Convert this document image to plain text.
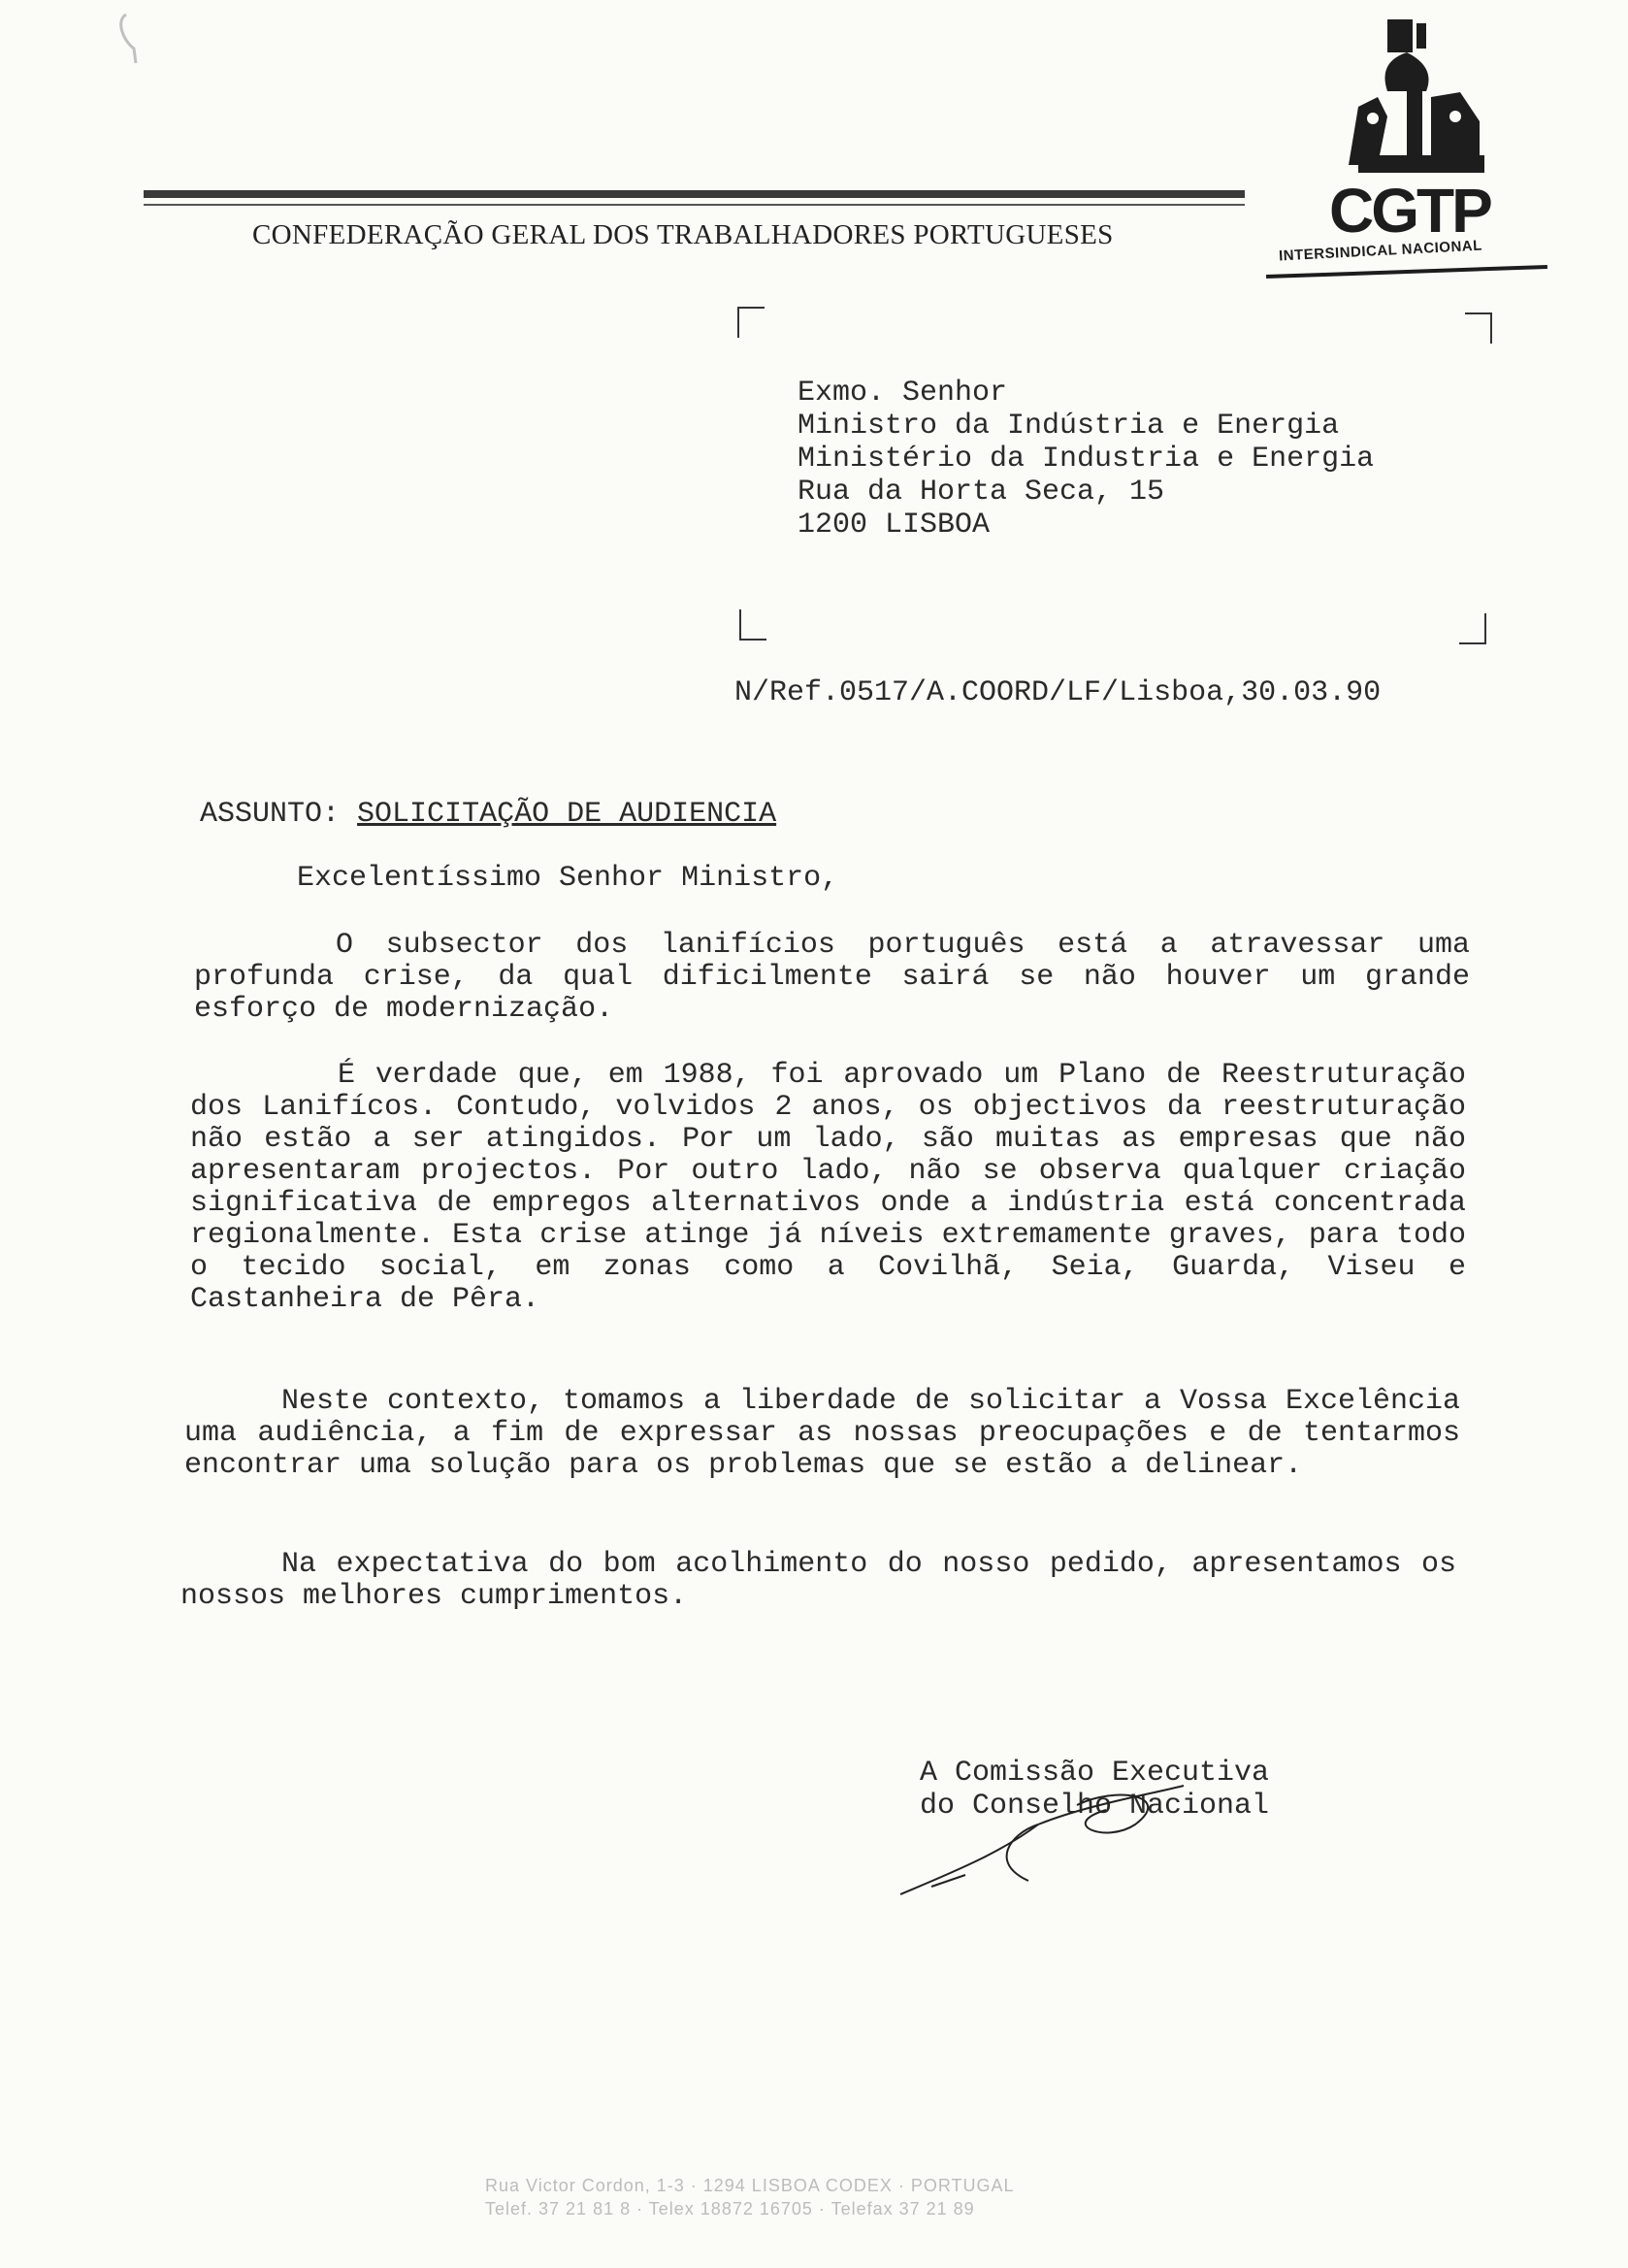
CONFEDERAÇÃO GERAL DOS TRABALHADORES PORTUGUESES	CGTP
INTERSINDICAL NACIONAL
Exmo. Senhor
Ministro da Indústria e Energia
Ministério da Industria e Energia
Rua da Horta Seca, 15
1200 LISBOA
N/Ref.0517/A.COORD/LF/Lisboa,30.03.90
ASSUNTO: SOLICITAÇÃO DE AUDIENCIA
Excelentíssimo Senhor Ministro,
O subsector dos lanifícios português está a atravessar uma profunda crise, da qual dificilmente sairá se não houver um grande esforço de modernização.
É verdade que, em 1988, foi aprovado um Plano de Reestruturação dos Lanifícos. Contudo, volvidos 2 anos, os objectivos da reestruturação não estão a ser atingidos. Por um lado, são muitas as empresas que não apresentaram projectos. Por outro lado, não se observa qualquer criação significativa de empregos alternativos onde a indústria está concentrada regionalmente. Esta crise atinge já níveis extremamente graves, para todo o tecido social, em zonas como a Covilhã, Seia, Guarda, Viseu e Castanheira de Pêra.
Neste contexto, tomamos a liberdade de solicitar a Vossa Excelência uma audiência, a fim de expressar as nossas preocupações e de tentarmos encontrar uma solução para os problemas que se estão a delinear.
Na expectativa do bom acolhimento do nosso pedido, apresentamos os nossos melhores cumprimentos.
A Comissão Executiva
do Conselho Nacional
Rua Victor Cordon, 1-3 · 1294 LISBOA CODEX · PORTUGAL
Telef. 37 21 81 8 · Telex 18872 16705 · Telefax 37 21 89
